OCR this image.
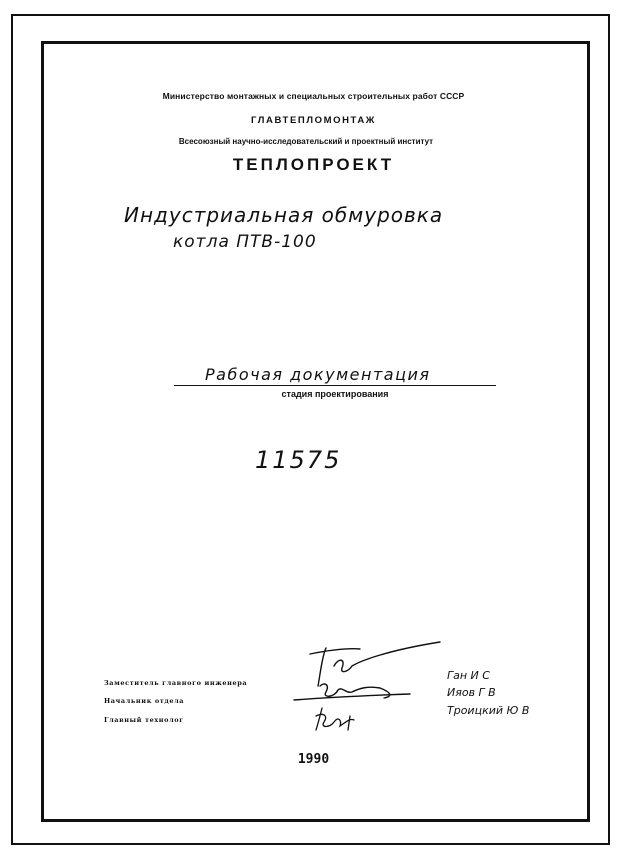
Министерство монтажных и специальных строительных работ СССР
ГЛАВТЕПЛОМОНТАЖ
Всесоюзный научно-исследовательский и проектный институт
ТЕПЛОПРОЕКТ
Индустриальная обмуровка
котла ПТВ-100
Рабочая документация
стадия проектирования
11575
Заместитель главного инженера
Начальник отдела
Главный технолог
Ган И С
Ияов Г В
Троицкий Ю В
1990
